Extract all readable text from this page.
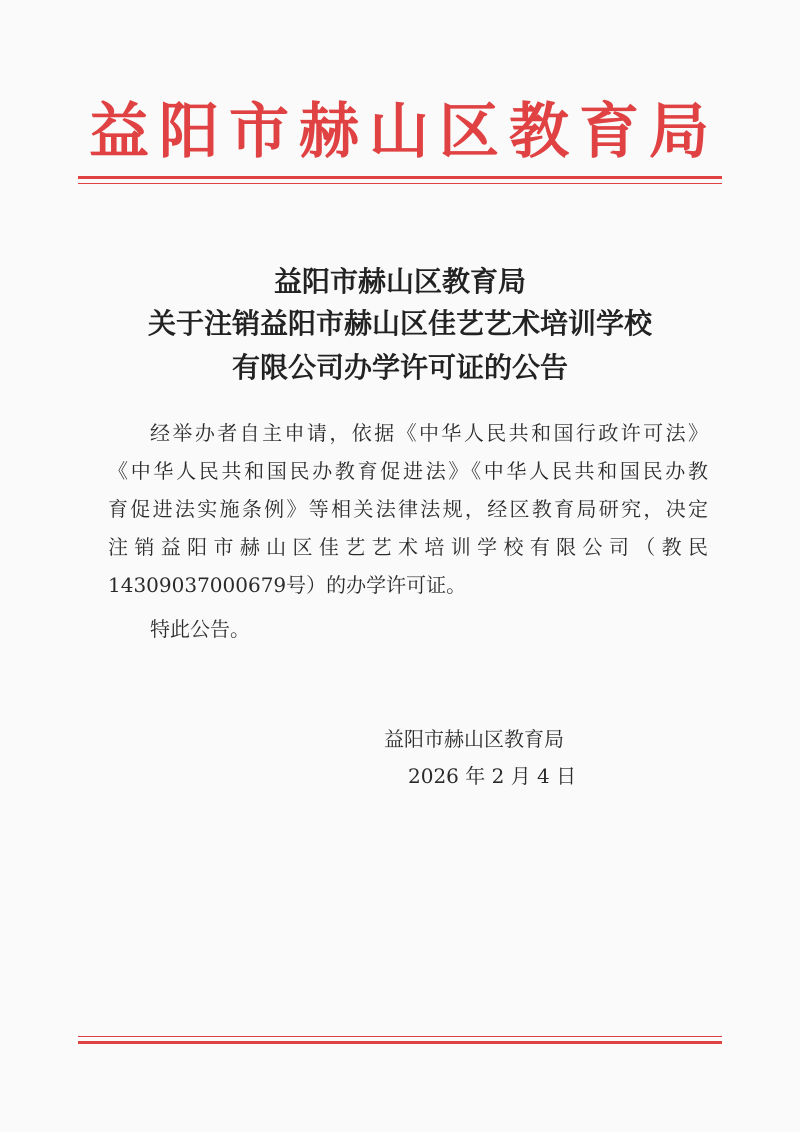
益阳市赫山区教育局
益阳市赫山区教育局
关于注销益阳市赫山区佳艺艺术培训学校
有限公司办学许可证的公告
经举办者自主申请，依据《中华人民共和国行政许可法》
《中华人民共和国民办教育促进法》《中华人民共和国民办教
育促进法实施条例》等相关法律法规，经区教育局研究，决定
注销益阳市赫山区佳艺艺术培训学校有限公司（教民
14309037000679号）的办学许可证。
特此公告。
益阳市赫山区教育局
2026 年 2 月 4 日
